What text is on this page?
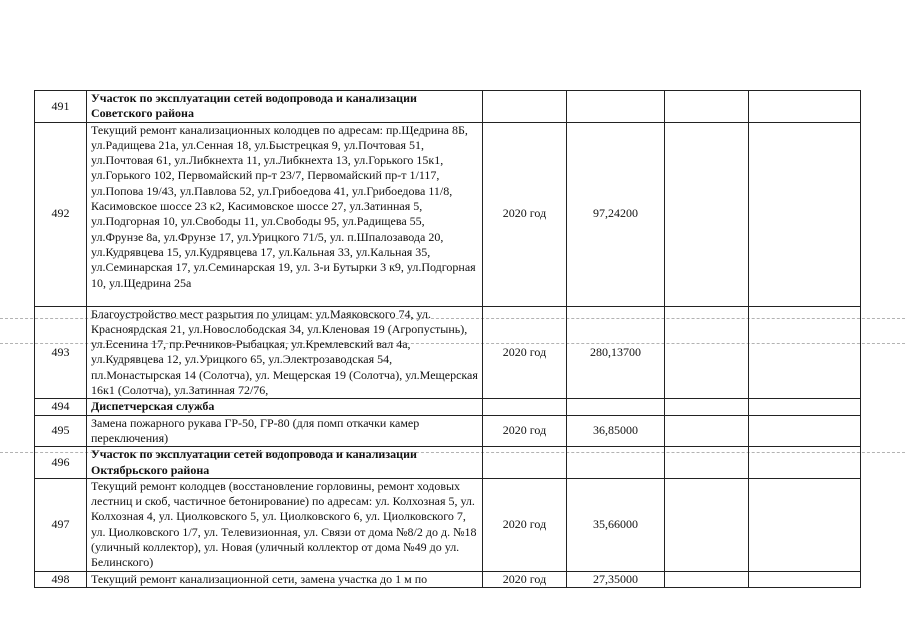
491	Участок по эксплуатации сетей водопровода и канализации Советского района				
492	Текущий ремонт канализационных колодцев по адресам: пр.Щедрина 8Б, ул.Радищева 21а, ул.Сенная 18, ул.Быстрецкая 9, ул.Почтовая 51, ул.Почтовая 61, ул.Либкнехта 11, ул.Либкнехта 13, ул.Горького 15к1, ул.Горького 102, Первомайский пр-т 23/7, Первомайский пр-т 1/117, ул.Попова 19/43, ул.Павлова 52, ул.Грибоедова 41, ул.Грибоедова 11/8, Касимовское шоссе 23 к2, Касимовское шоссе 27, ул.Затинная 5, ул.Подгорная 10, ул.Свободы 11, ул.Свободы 95, ул.Радищева 55, ул.Фрунзе 8а, ул.Фрунзе 17, ул.Урицкого 71/5, ул. п.Шпалозавода 20, ул.Кудрявцева 15, ул.Кудрявцева 17, ул.Кальная 33, ул.Кальная 35, ул.Семинарская 17, ул.Семинарская 19, ул. 3-и Бутырки 3 к9, ул.Подгорная 10, ул.Щедрина 25а	2020 год	97,24200		
493	Благоустройство мест разрытия по улицам: ул.Маяковского 74, ул. Красноярдская 21, ул.Новослободская 34, ул.Кленовая 19 (Агропустынь), ул.Есенина 17, пр.Речников-Рыбацкая, ул.Кремлевский вал 4а, ул.Кудрявцева 12, ул.Урицкого 65, ул.Электрозаводская 54, пл.Монастырская 14 (Солотча), ул. Мещерская 19 (Солотча), ул.Мещерская 16к1 (Солотча), ул.Затинная 72/76,	2020 год	280,13700		
494	Диспетчерская служба				
495	Замена пожарного рукава ГР-50, ГР-80 (для помп откачки камер переключения)	2020 год	36,85000		
496	Участок по эксплуатации сетей водопровода и канализации Октябрьского района				
497	Текущий ремонт колодцев (восстановление горловины, ремонт ходовых лестниц и скоб, частичное бетонирование) по адресам: ул. Колхозная 5, ул. Колхозная 4, ул. Циолковского 5, ул. Циолковского 6, ул. Циолковского 7, ул. Циолковского 1/7, ул. Телевизионная, ул. Связи от дома №8/2 до д. №18 (уличный коллектор), ул. Новая (уличный коллектор от дома №49 до ул. Белинского)	2020 год	35,66000		
498	Текущий ремонт канализационной сети, замена участка до 1 м по	2020 год	27,35000		
